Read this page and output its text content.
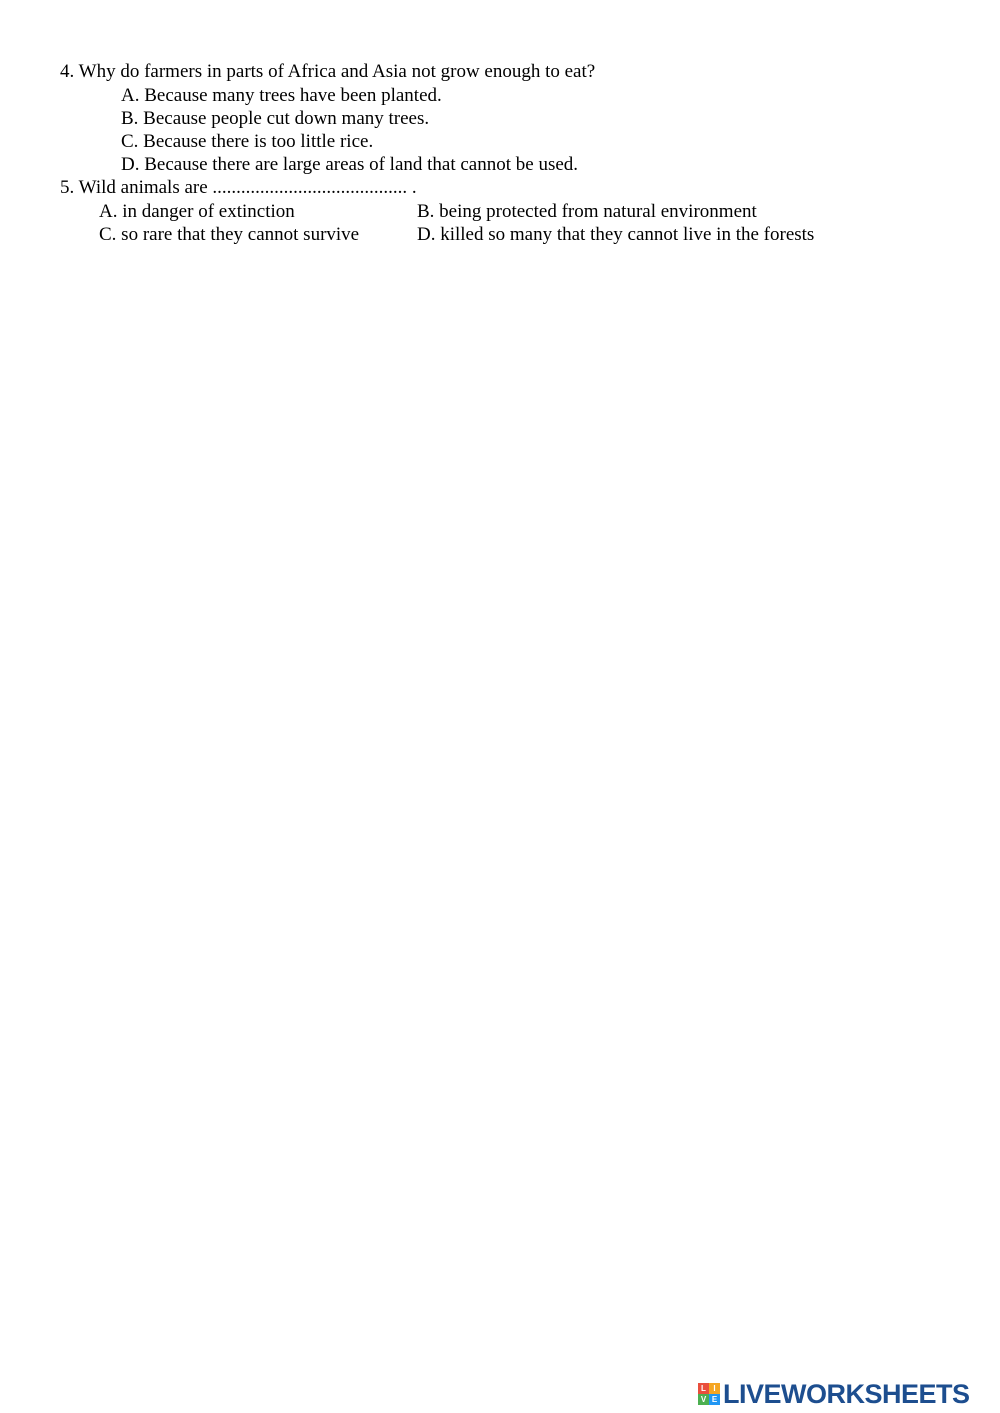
4. Why do farmers in parts of Africa and Asia not grow enough to eat?
A. Because many trees have been planted.
B. Because people cut down many trees.
C. Because there is too little rice.
D. Because there are large areas of land that cannot be used.
5. Wild animals are ......................................... .
A. in danger of extinction	B. being protected from natural environment
C. so rare that they cannot survive	D. killed so many that they cannot live in the forests
L I
V E LIVEWORKSHEETS
